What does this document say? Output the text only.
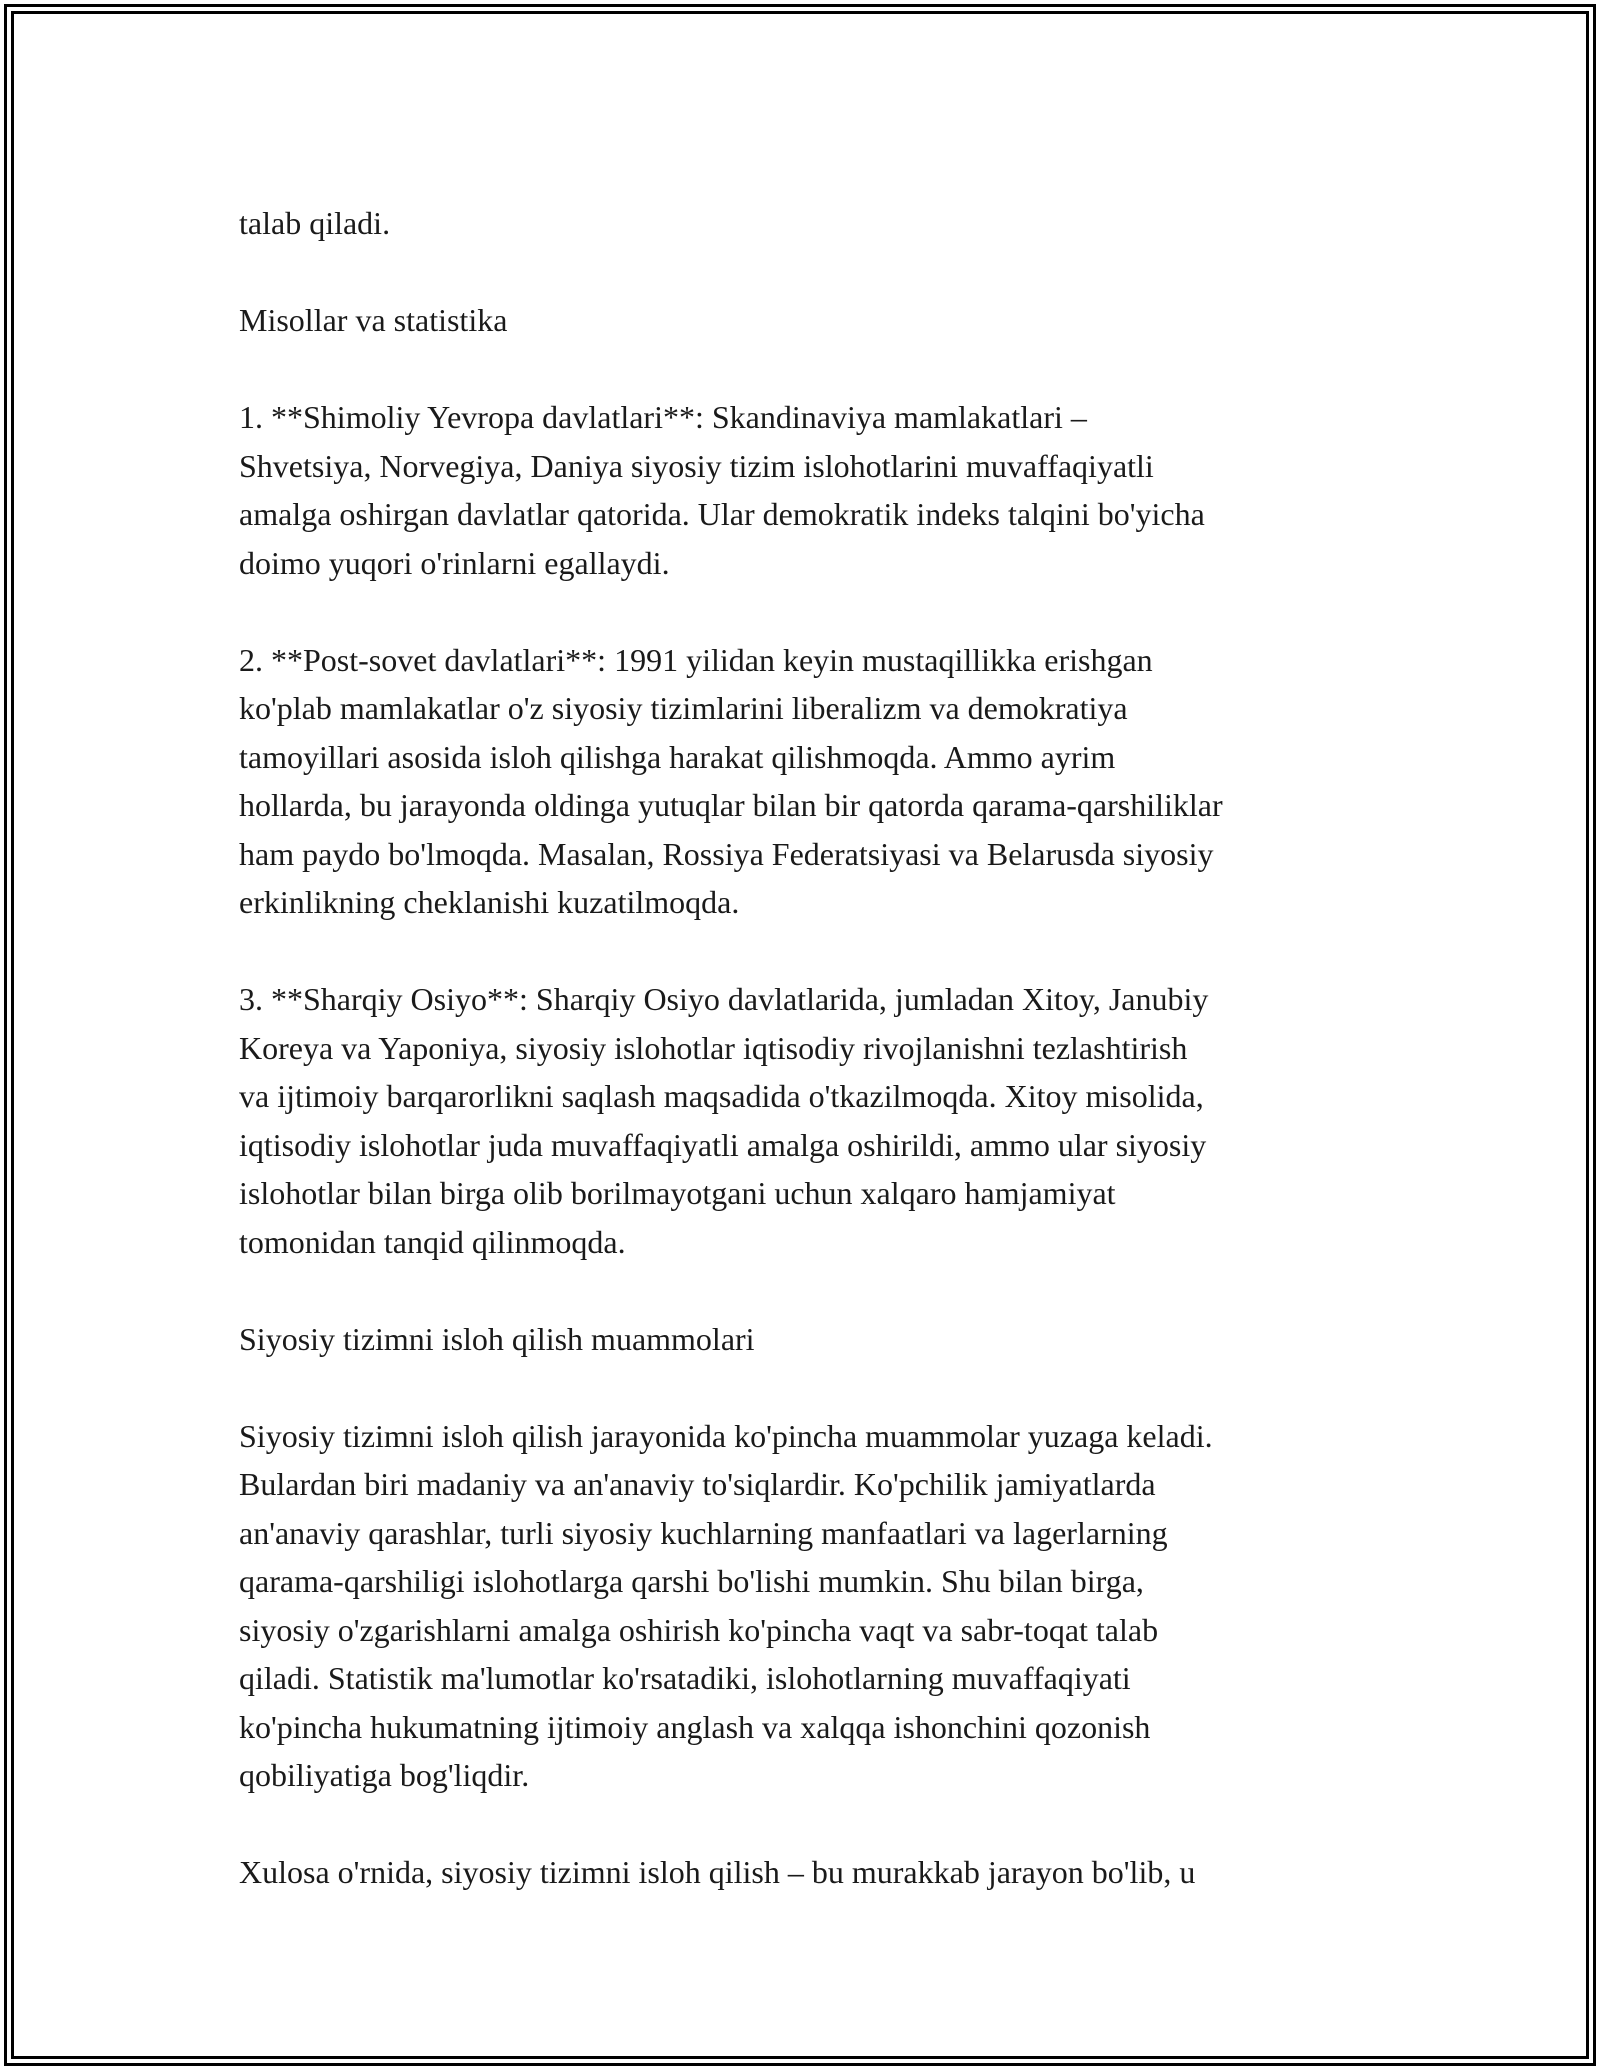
talab qiladi.

Misollar va statistika

1. **Shimoliy Yevropa davlatlari**: Skandinaviya mamlakatlari –
Shvetsiya, Norvegiya, Daniya siyosiy tizim islohotlarini muvaffaqiyatli
amalga oshirgan davlatlar qatorida. Ular demokratik indeks talqini bo'yicha
doimo yuqori o'rinlarni egallaydi.

2. **Post-sovet davlatlari**: 1991 yilidan keyin mustaqillikka erishgan
ko'plab mamlakatlar o'z siyosiy tizimlarini liberalizm va demokratiya
tamoyillari asosida isloh qilishga harakat qilishmoqda. Ammo ayrim
hollarda, bu jarayonda oldinga yutuqlar bilan bir qatorda qarama-qarshiliklar
ham paydo bo'lmoqda. Masalan, Rossiya Federatsiyasi va Belarusda siyosiy
erkinlikning cheklanishi kuzatilmoqda.

3. **Sharqiy Osiyo**: Sharqiy Osiyo davlatlarida, jumladan Xitoy, Janubiy
Koreya va Yaponiya, siyosiy islohotlar iqtisodiy rivojlanishni tezlashtirish
va ijtimoiy barqarorlikni saqlash maqsadida o'tkazilmoqda. Xitoy misolida,
iqtisodiy islohotlar juda muvaffaqiyatli amalga oshirildi, ammo ular siyosiy
islohotlar bilan birga olib borilmayotgani uchun xalqaro hamjamiyat
tomonidan tanqid qilinmoqda.

Siyosiy tizimni isloh qilish muammolari

Siyosiy tizimni isloh qilish jarayonida ko'pincha muammolar yuzaga keladi.
Bulardan biri madaniy va an'anaviy to'siqlardir. Ko'pchilik jamiyatlarda
an'anaviy qarashlar, turli siyosiy kuchlarning manfaatlari va lagerlarning
qarama-qarshiligi islohotlarga qarshi bo'lishi mumkin. Shu bilan birga,
siyosiy o'zgarishlarni amalga oshirish ko'pincha vaqt va sabr-toqat talab
qiladi. Statistik ma'lumotlar ko'rsatadiki, islohotlarning muvaffaqiyati
ko'pincha hukumatning ijtimoiy anglash va xalqqa ishonchini qozonish
qobiliyatiga bog'liqdir.

Xulosa o'rnida, siyosiy tizimni isloh qilish – bu murakkab jarayon bo'lib, u
